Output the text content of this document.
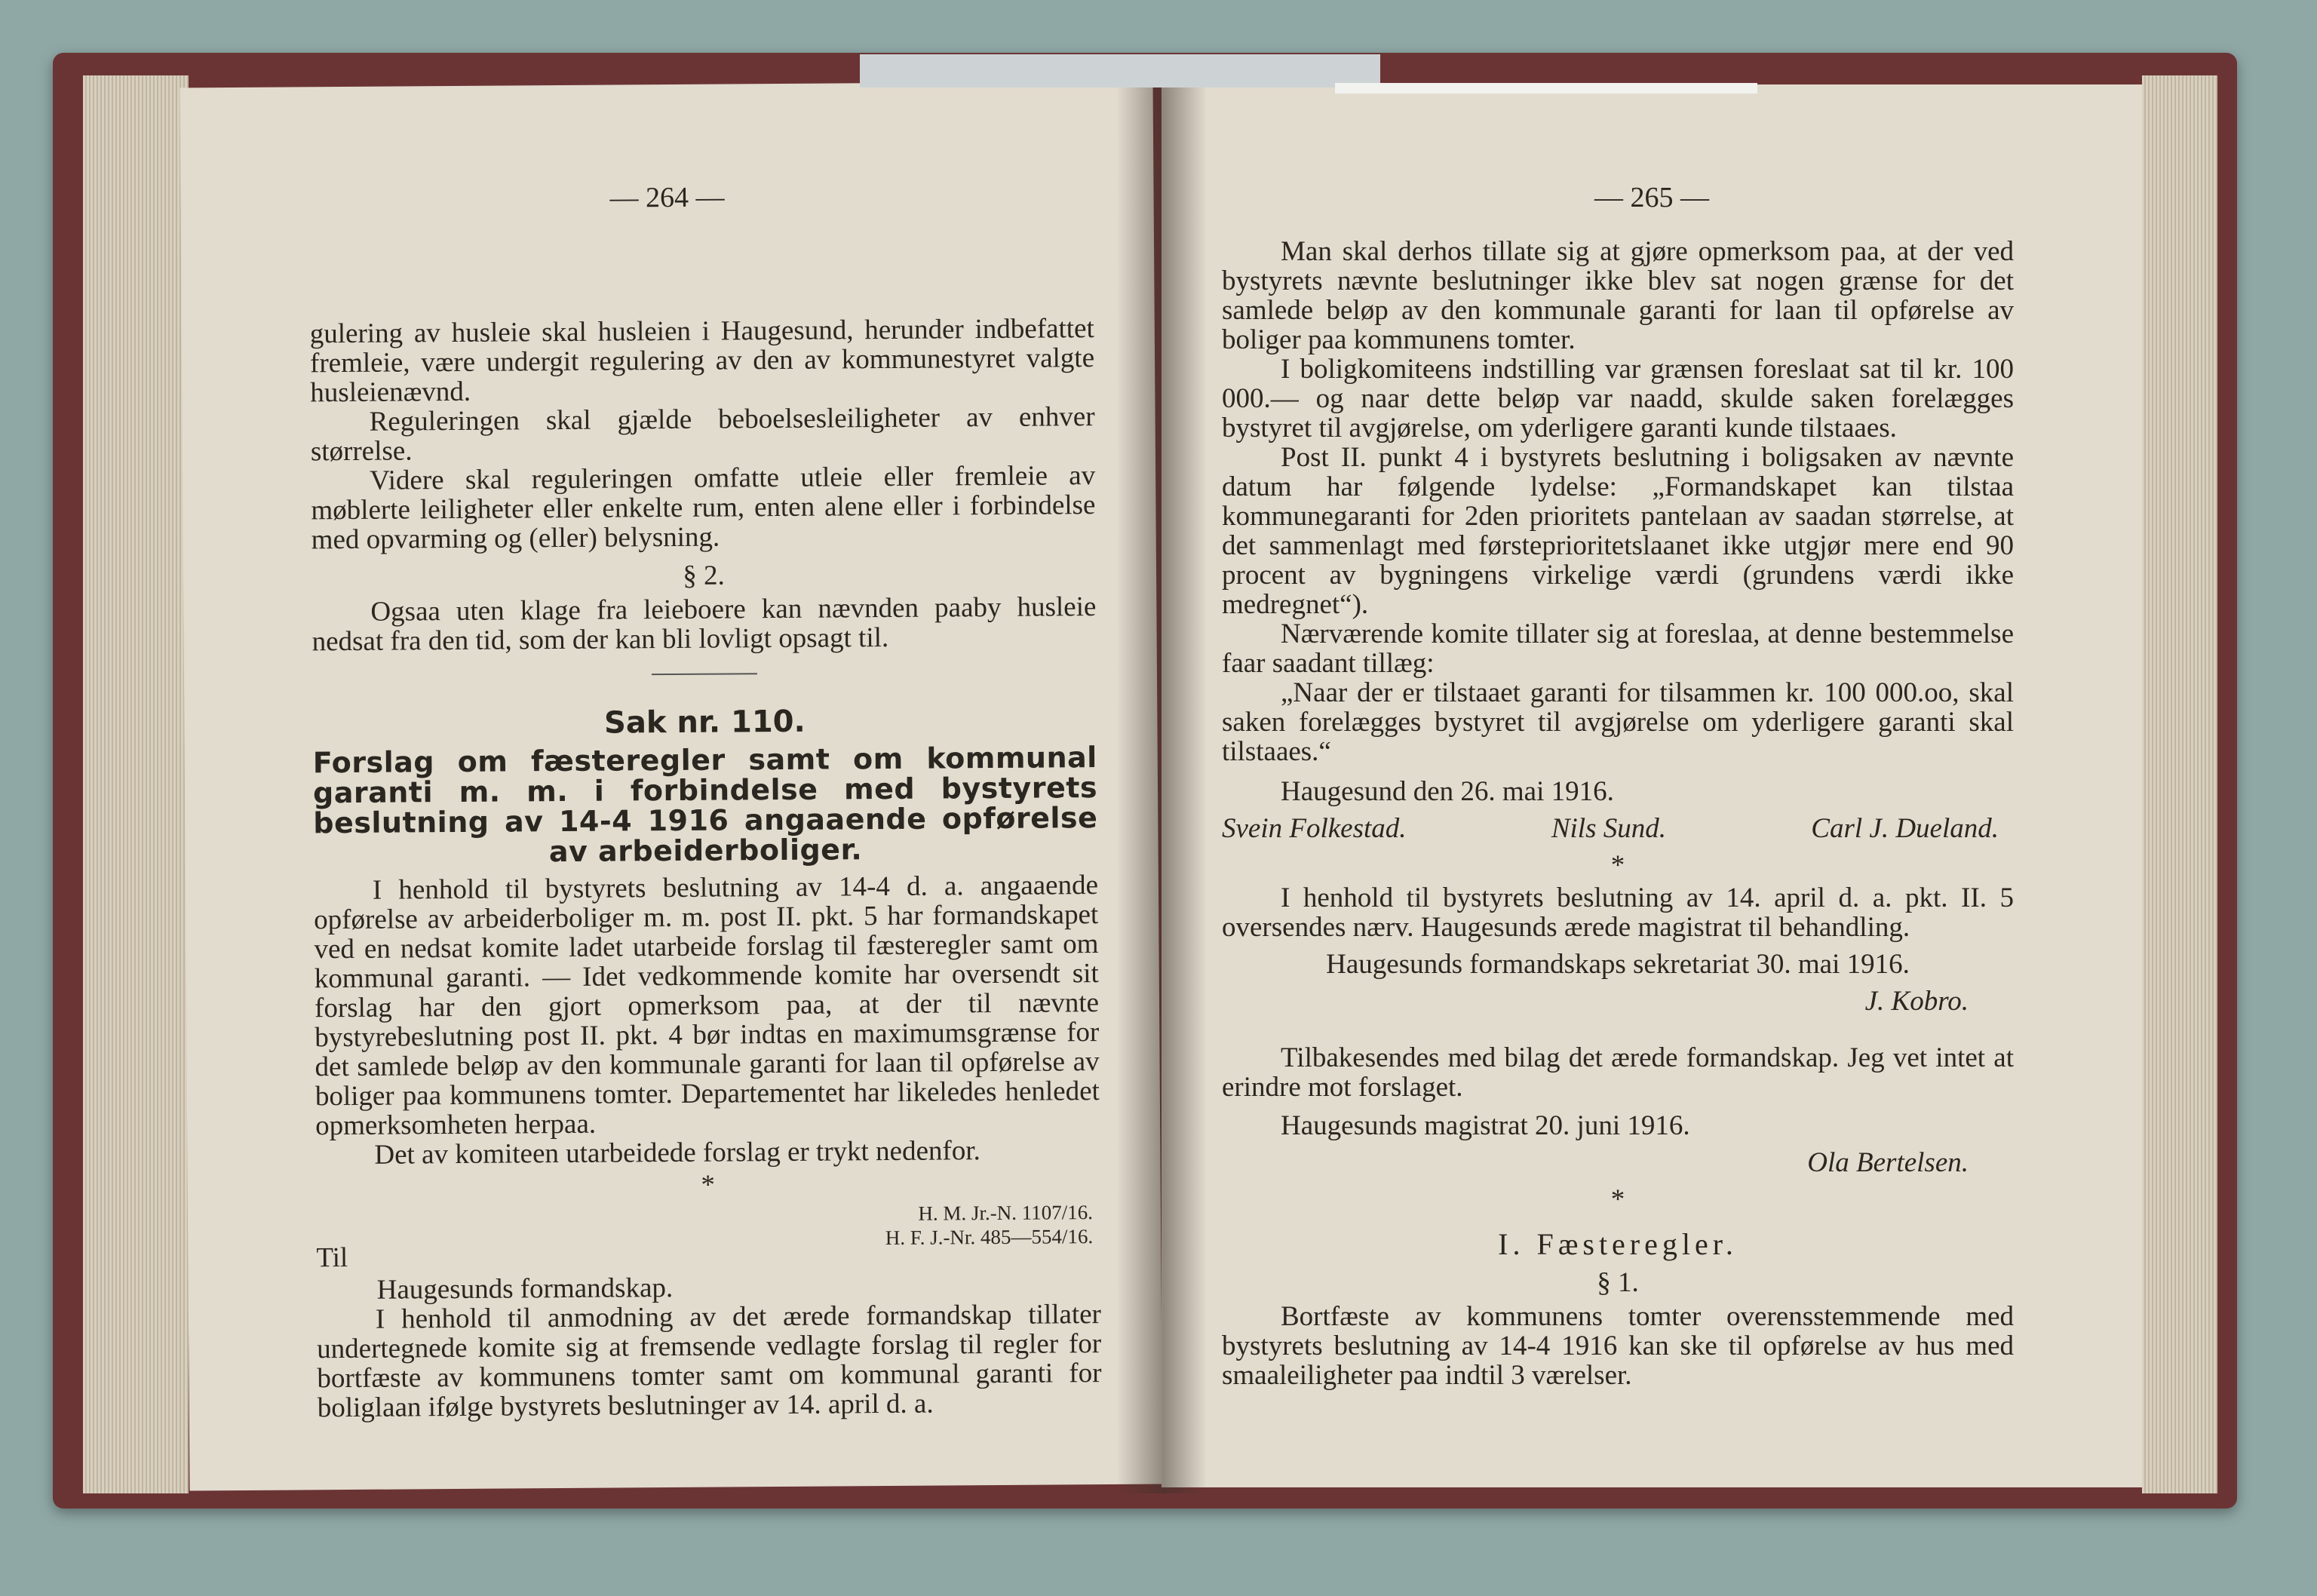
— 264 —

gulering av husleie skal husleien i Haugesund, herunder indbefattet fremleie, være undergit regulering av den av kommunestyret valgte husleienævnd.

Reguleringen skal gjælde beboelsesleiligheter av enhver størrelse.

Videre skal reguleringen omfatte utleie eller fremleie av møblerte leiligheter eller enkelte rum, enten alene eller i forbindelse med opvarming og (eller) belysning.

§ 2.

Ogsaa uten klage fra leieboere kan nævnden paaby husleie nedsat fra den tid, som der kan bli lovligt opsagt til.

Sak nr. 110.
Forslag om fæsteregler samt om kommunal garanti m. m. i forbindelse med bystyrets beslutning av 14-4 1916 angaaende opførelse av arbeiderboliger.

I henhold til bystyrets beslutning av 14-4 d. a. angaaende opførelse av arbeiderboliger m. m. post II. pkt. 5 har formandskapet ved en nedsat komite ladet utarbeide forslag til fæsteregler samt om kommunal garanti. — Idet vedkommende komite har oversendt sit forslag har den gjort opmerksom paa, at der til nævnte bystyrebeslutning post II. pkt. 4 bør indtas en maximumsgrænse for det samlede beløp av den kommunale garanti for laan til opførelse av boliger paa kommunens tomter. Departementet har likeledes henledet opmerksomheten herpaa.

Det av komiteen utarbeidede forslag er trykt nedenfor.

*
H. M. Jr.-N. 1107/16.
H. F. J.-Nr. 485—554/16.
Til
Haugesunds formandskap.

I henhold til anmodning av det ærede formandskap tillater undertegnede komite sig at fremsende vedlagte forslag til regler for bortfæste av kommunens tomter samt om kommunal garanti for boliglaan ifølge bystyrets beslutninger av 14. april d. a.

— 265 —

Man skal derhos tillate sig at gjøre opmerksom paa, at der ved bystyrets nævnte beslutninger ikke blev sat nogen grænse for det samlede beløp av den kommunale garanti for laan til opførelse av boliger paa kommunens tomter.

I boligkomiteens indstilling var grænsen foreslaat sat til kr. 100 000.— og naar dette beløp var naadd, skulde saken forelægges bystyret til avgjørelse, om yderligere garanti kunde tilstaaes.

Post II. punkt 4 i bystyrets beslutning i boligsaken av nævnte datum har følgende lydelse: „Formandskapet kan tilstaa kommunegaranti for 2den prioritets pantelaan av saadan størrelse, at det sammenlagt med førsteprioritetslaanet ikke utgjør mere end 90 procent av bygningens virkelige værdi (grundens værdi ikke medregnet“).

Nærværende komite tillater sig at foreslaa, at denne bestemmelse faar saadant tillæg:

„Naar der er tilstaaet garanti for tilsammen kr. 100 000.oo, skal saken forelægges bystyret til avgjørelse om yderligere garanti skal tilstaaes.“

Haugesund den 26. mai 1916.

Svein Folkestad.	Nils Sund.	Carl J. Dueland.
*

I henhold til bystyrets beslutning av 14. april d. a. pkt. II. 5 oversendes nærv. Haugesunds ærede magistrat til behandling.

Haugesunds formandskaps sekretariat 30. mai 1916.

J. Kobro.

Tilbakesendes med bilag det ærede formandskap. Jeg vet intet at erindre mot forslaget.

Haugesunds magistrat 20. juni 1916.

Ola Bertelsen.
*
I. Fæsteregler.
§ 1.

Bortfæste av kommunens tomter overensstemmende med bystyrets beslutning av 14-4 1916 kan ske til opførelse av hus med smaaleiligheter paa indtil 3 værelser.
